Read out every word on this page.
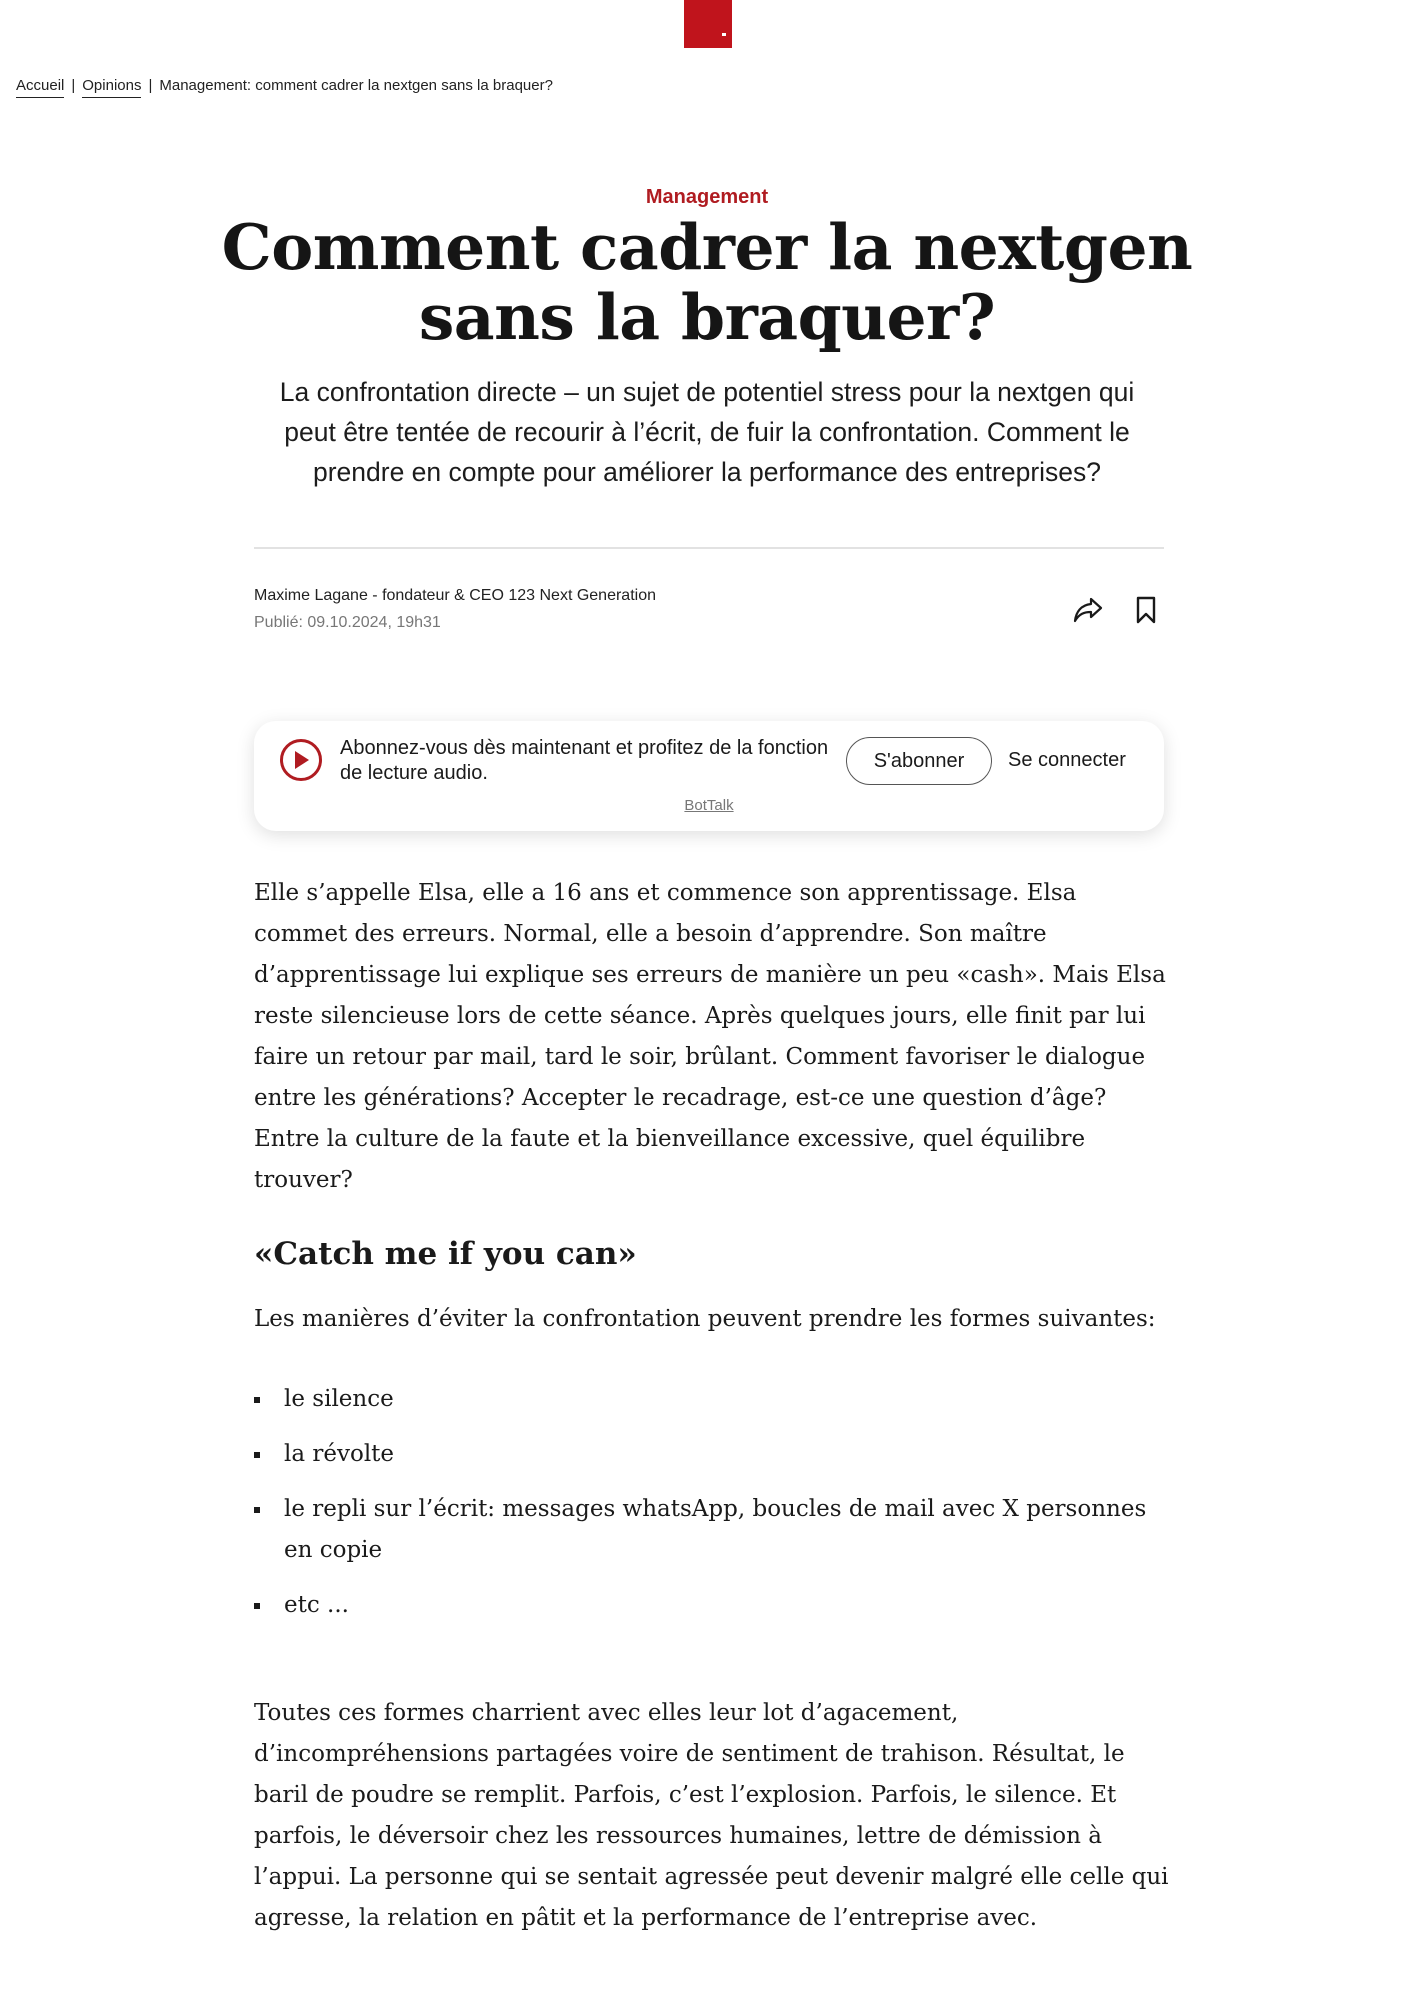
Accueil | Opinions | Management: comment cadrer la nextgen sans la braquer?
Management
Comment cadrer la nextgen sans la braquer?

La confrontation directe – un sujet de potentiel stress pour la nextgen qui peut être tentée de recourir à l’écrit, de fuir la confrontation. Comment le prendre en compte pour améliorer la performance des entreprises?

Maxime Lagane - fondateur & CEO 123 Next Generation
Publié: 09.10.2024, 19h31
Abonnez-vous dès maintenant et profitez de la fonction de lecture audio.
S'abonner	Se connecter
BotTalk

Elle s’appelle Elsa, elle a 16 ans et commence son apprentissage. Elsa commet des erreurs. Normal, elle a besoin d’apprendre. Son maître d’apprentissage lui explique ses erreurs de manière un peu «cash». Mais Elsa reste silencieuse lors de cette séance. Après quelques jours, elle finit par lui faire un retour par mail, tard le soir, brûlant. Comment favoriser le dialogue entre les générations? Accepter le recadrage, est-ce une question d’âge? Entre la culture de la faute et la bienveillance excessive, quel équilibre trouver?

«Catch me if you can»

Les manières d’éviter la confrontation peuvent prendre les formes suivantes:

le silence
la révolte
le repli sur l’écrit: messages whatsApp, boucles de mail avec X personnes en copie
etc ...

Toutes ces formes charrient avec elles leur lot d’agacement, d’incompréhensions partagées voire de sentiment de trahison. Résultat, le baril de poudre se remplit. Parfois, c’est l’explosion. Parfois, le silence. Et parfois, le déversoir chez les ressources humaines, lettre de démission à l’appui. La personne qui se sentait agressée peut devenir malgré elle celle qui agresse, la relation en pâtit et la performance de l’entreprise avec.
